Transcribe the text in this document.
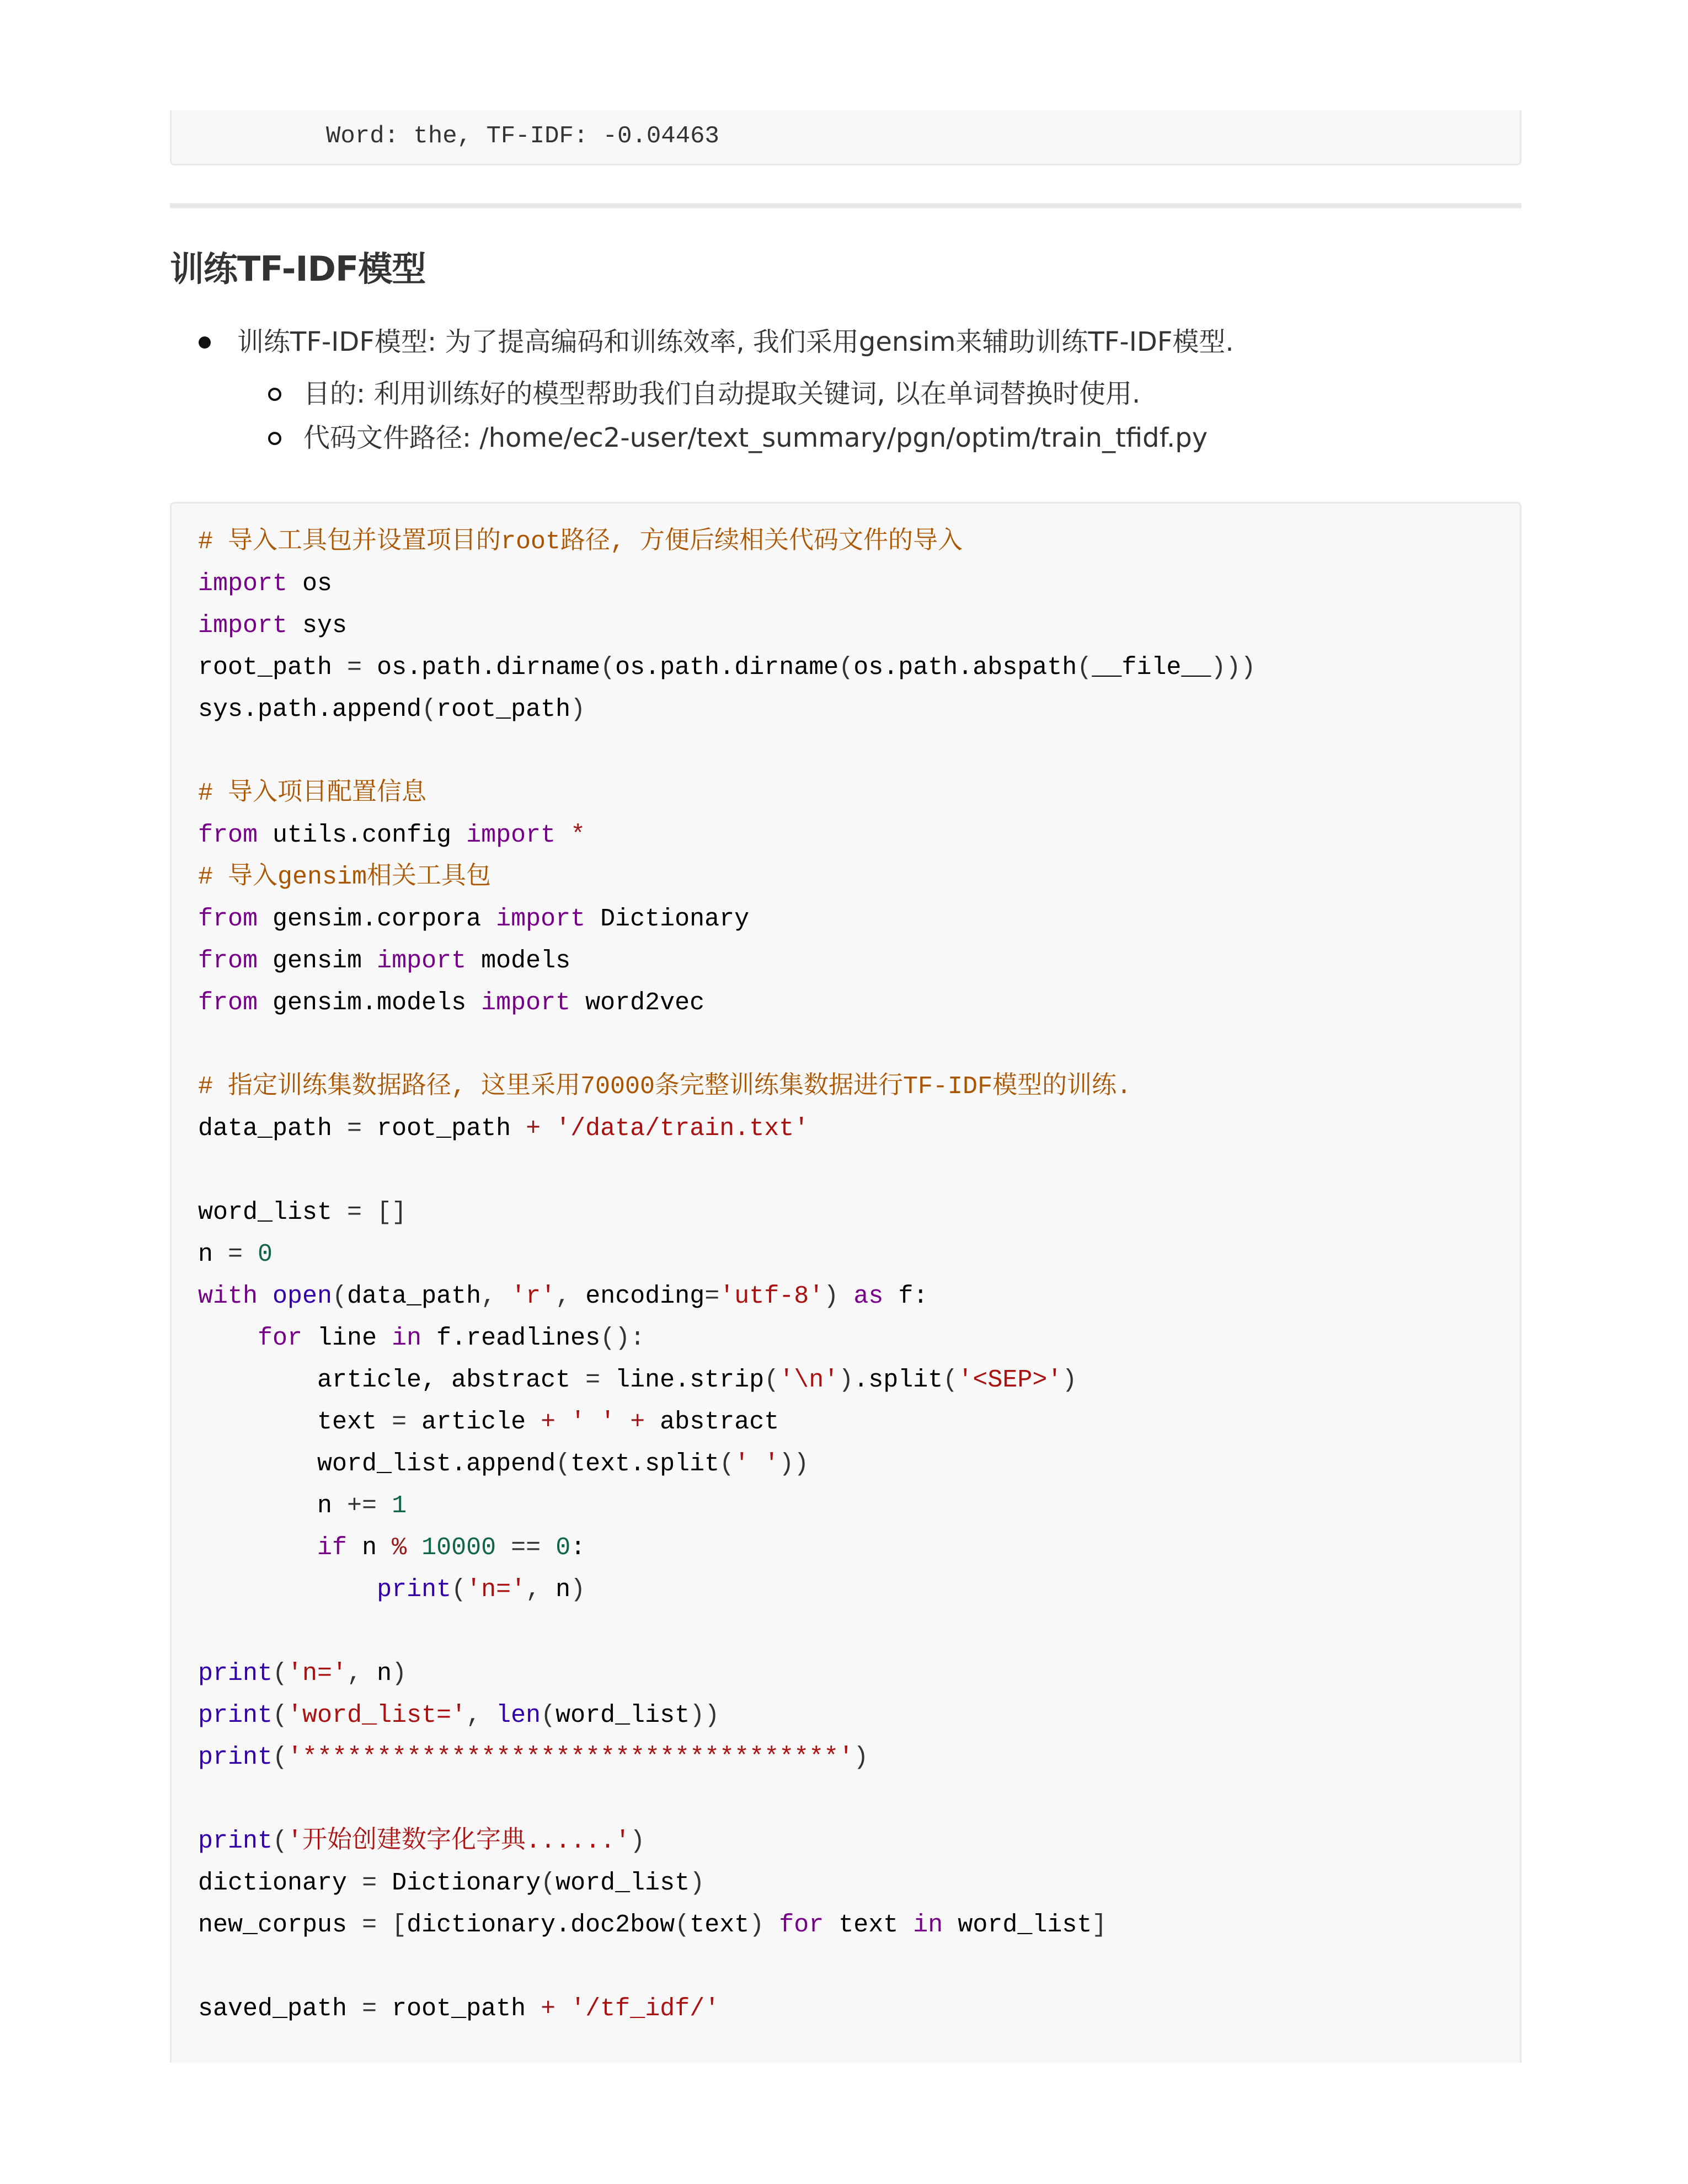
Word: the, TF-IDF: -0.04463
训练TF-IDF模型
训练TF-IDF模型: 为了提高编码和训练效率, 我们采用gensim来辅助训练TF-IDF模型.
目的: 利用训练好的模型帮助我们自动提取关键词, 以在单词替换时使用.
代码文件路径: /home/ec2-user/text_summary/pgn/optim/train_tfidf.py
# 导入工具包并设置项目的root路径, 方便后续相关代码文件的导入
import os
import sys
root_path = os.path.dirname(os.path.dirname(os.path.abspath(__file__)))
sys.path.append(root_path)
# 导入项目配置信息
from utils.config import *
# 导入gensim相关工具包
from gensim.corpora import Dictionary
from gensim import models
from gensim.models import word2vec
# 指定训练集数据路径, 这里采用70000条完整训练集数据进行TF-IDF模型的训练.
data_path = root_path + '/data/train.txt'
word_list = []
n = 0
with open(data_path, 'r', encoding='utf-8') as f:
for line in f.readlines():
article, abstract = line.strip('\n').split('<SEP>')
text = article + ' ' + abstract
word_list.append(text.split(' '))
n += 1
if n % 10000 == 0:
print('n=', n)
print('n=', n)
print('word_list=', len(word_list))
print('************************************')
print('开始创建数字化字典......')
dictionary = Dictionary(word_list)
new_corpus = [dictionary.doc2bow(text) for text in word_list]
saved_path = root_path + '/tf_idf/'
